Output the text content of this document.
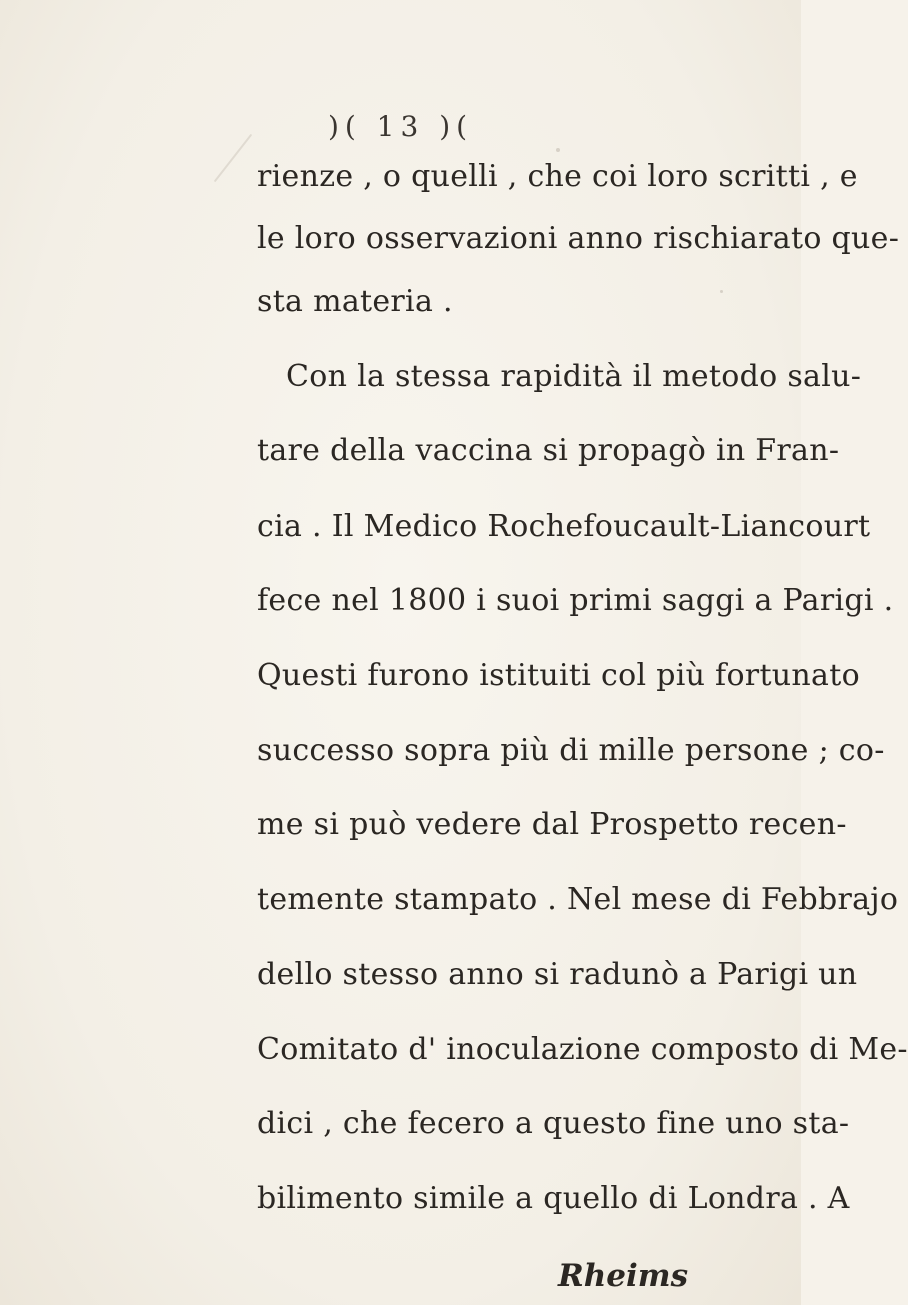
)( 13 )(
rienze , o quelli , che coi loro scritti , e
le loro osservazioni anno rischiarato que-
sta materia .
Con la stessa rapidità il metodo salu-
tare della vaccina si propagò in Fran-
cia . Il Medico Rochefoucault-Liancourt
fece nel 1800 i suoi primi saggi a Parigi .
Questi furono istituiti col più fortunato
successo sopra più di mille persone ; co-
me si può vedere dal Prospetto recen-
temente stampato . Nel mese di Febbrajo
dello stesso anno si radunò a Parigi un
Comitato d' inoculazione composto di Me-
dici , che fecero a questo fine uno sta-
bilimento simile a quello di Londra . A
Rheims
